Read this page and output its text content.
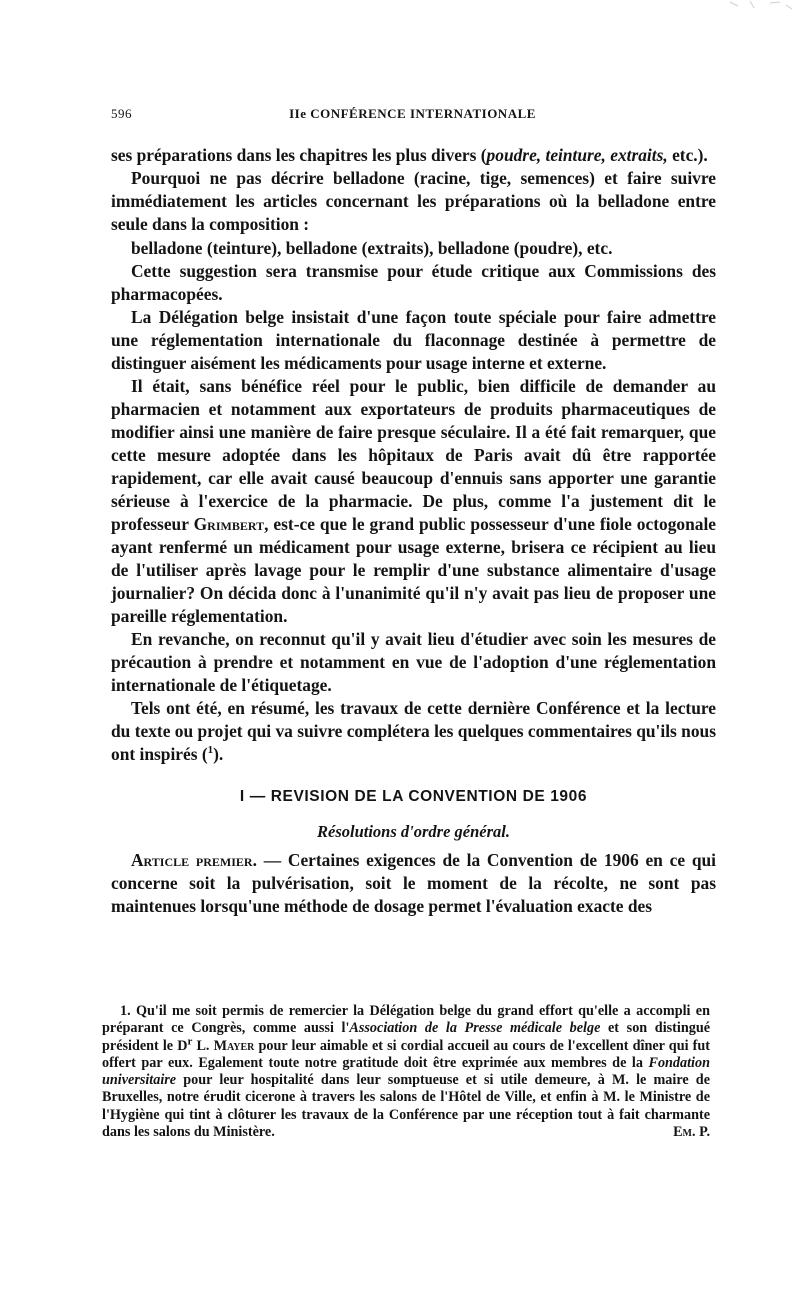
596	IIe CONFÉRENCE INTERNATIONALE

ses préparations dans les chapitres les plus divers (poudre, teinture, extraits, etc.).

Pourquoi ne pas décrire belladone (racine, tige, semences) et faire suivre immédiatement les articles concernant les préparations où la belladone entre seule dans la composition :

belladone (teinture), belladone (extraits), belladone (poudre), etc.

Cette suggestion sera transmise pour étude critique aux Commissions des pharmacopées.

La Délégation belge insistait d'une façon toute spéciale pour faire admettre une réglementation internationale du flaconnage destinée à permettre de distinguer aisément les médicaments pour usage interne et externe.

Il était, sans bénéfice réel pour le public, bien difficile de demander au pharmacien et notamment aux exportateurs de produits pharmaceutiques de modifier ainsi une manière de faire presque séculaire. Il a été fait remarquer, que cette mesure adoptée dans les hôpitaux de Paris avait dû être rapportée rapidement, car elle avait causé beaucoup d'ennuis sans apporter une garantie sérieuse à l'exercice de la pharmacie. De plus, comme l'a justement dit le professeur Grimbert, est-ce que le grand public possesseur d'une fiole octogonale ayant renfermé un médicament pour usage externe, brisera ce récipient au lieu de l'utiliser après lavage pour le remplir d'une substance alimentaire d'usage journalier? On décida donc à l'unanimité qu'il n'y avait pas lieu de proposer une pareille réglementation.

En revanche, on reconnut qu'il y avait lieu d'étudier avec soin les mesures de précaution à prendre et notamment en vue de l'adoption d'une réglementation internationale de l'étiquetage.

Tels ont été, en résumé, les travaux de cette dernière Conférence et la lecture du texte ou projet qui va suivre complétera les quelques commentaires qu'ils nous ont inspirés ($^1$).

I — REVISION DE LA CONVENTION DE 1906
Résolutions d'ordre général.

Article premier. — Certaines exigences de la Convention de 1906 en ce qui concerne soit la pulvérisation, soit le moment de la récolte, ne sont pas maintenues lorsqu'une méthode de dosage permet l'évaluation exacte des

1. Qu'il me soit permis de remercier la Délégation belge du grand effort qu'elle a accompli en préparant ce Congrès, comme aussi l'Association de la Presse médicale belge et son distingué président le $D^r$ L. Mayer pour leur aimable et si cordial accueil au cours de l'excellent dîner qui fut offert par eux. Egalement toute notre gratitude doit être exprimée aux membres de la Fondation universitaire pour leur hospitalité dans leur somptueuse et si utile demeure, à M. le maire de Bruxelles, notre érudit cicerone à travers les salons de l'Hôtel de Ville, et enfin à M. le Ministre de l'Hygiène qui tint à clôturer les travaux de la Conférence par une réception tout à fait charmante dans les salons du Ministère.	Em. P.
